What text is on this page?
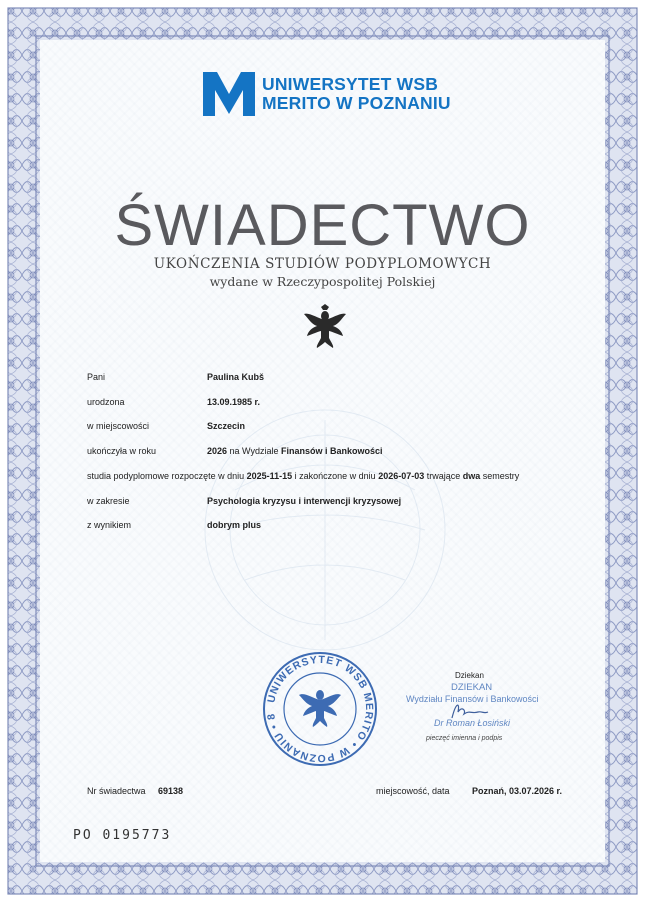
UNIWERSYTET WSB
MERITO W POZNANIU
ŚWIADECTWO
UKOŃCZENIA STUDIÓW PODYPLOMOWYCH
wydane w Rzeczypospolitej Polskiej
Pani	Paulina Kubš
urodzona	13.09.1985 r.
w miejscowości	Szczecin
ukończyła w roku	2026 na Wydziale Finansów i Bankowości
studia podyplomowe rozpoczęte w dniu 2025-11-15 i zakończone w dniu 2026-07-03 trwające dwa semestry
w zakresie	Psychologia kryzysu i interwencji kryzysowej
z wynikiem	dobrym plus
UNIWERSYTET WSB MERITO • W POZNANIU • 8
Dziekan
DZIEKAN
Wydziału Finansów i Bankowości
Dr Roman Łosiński
pieczęć imienna i podpis
Nr świadectwa 69138	miejscowość, data Poznań, 03.07.2026 r.
PO 0195773
